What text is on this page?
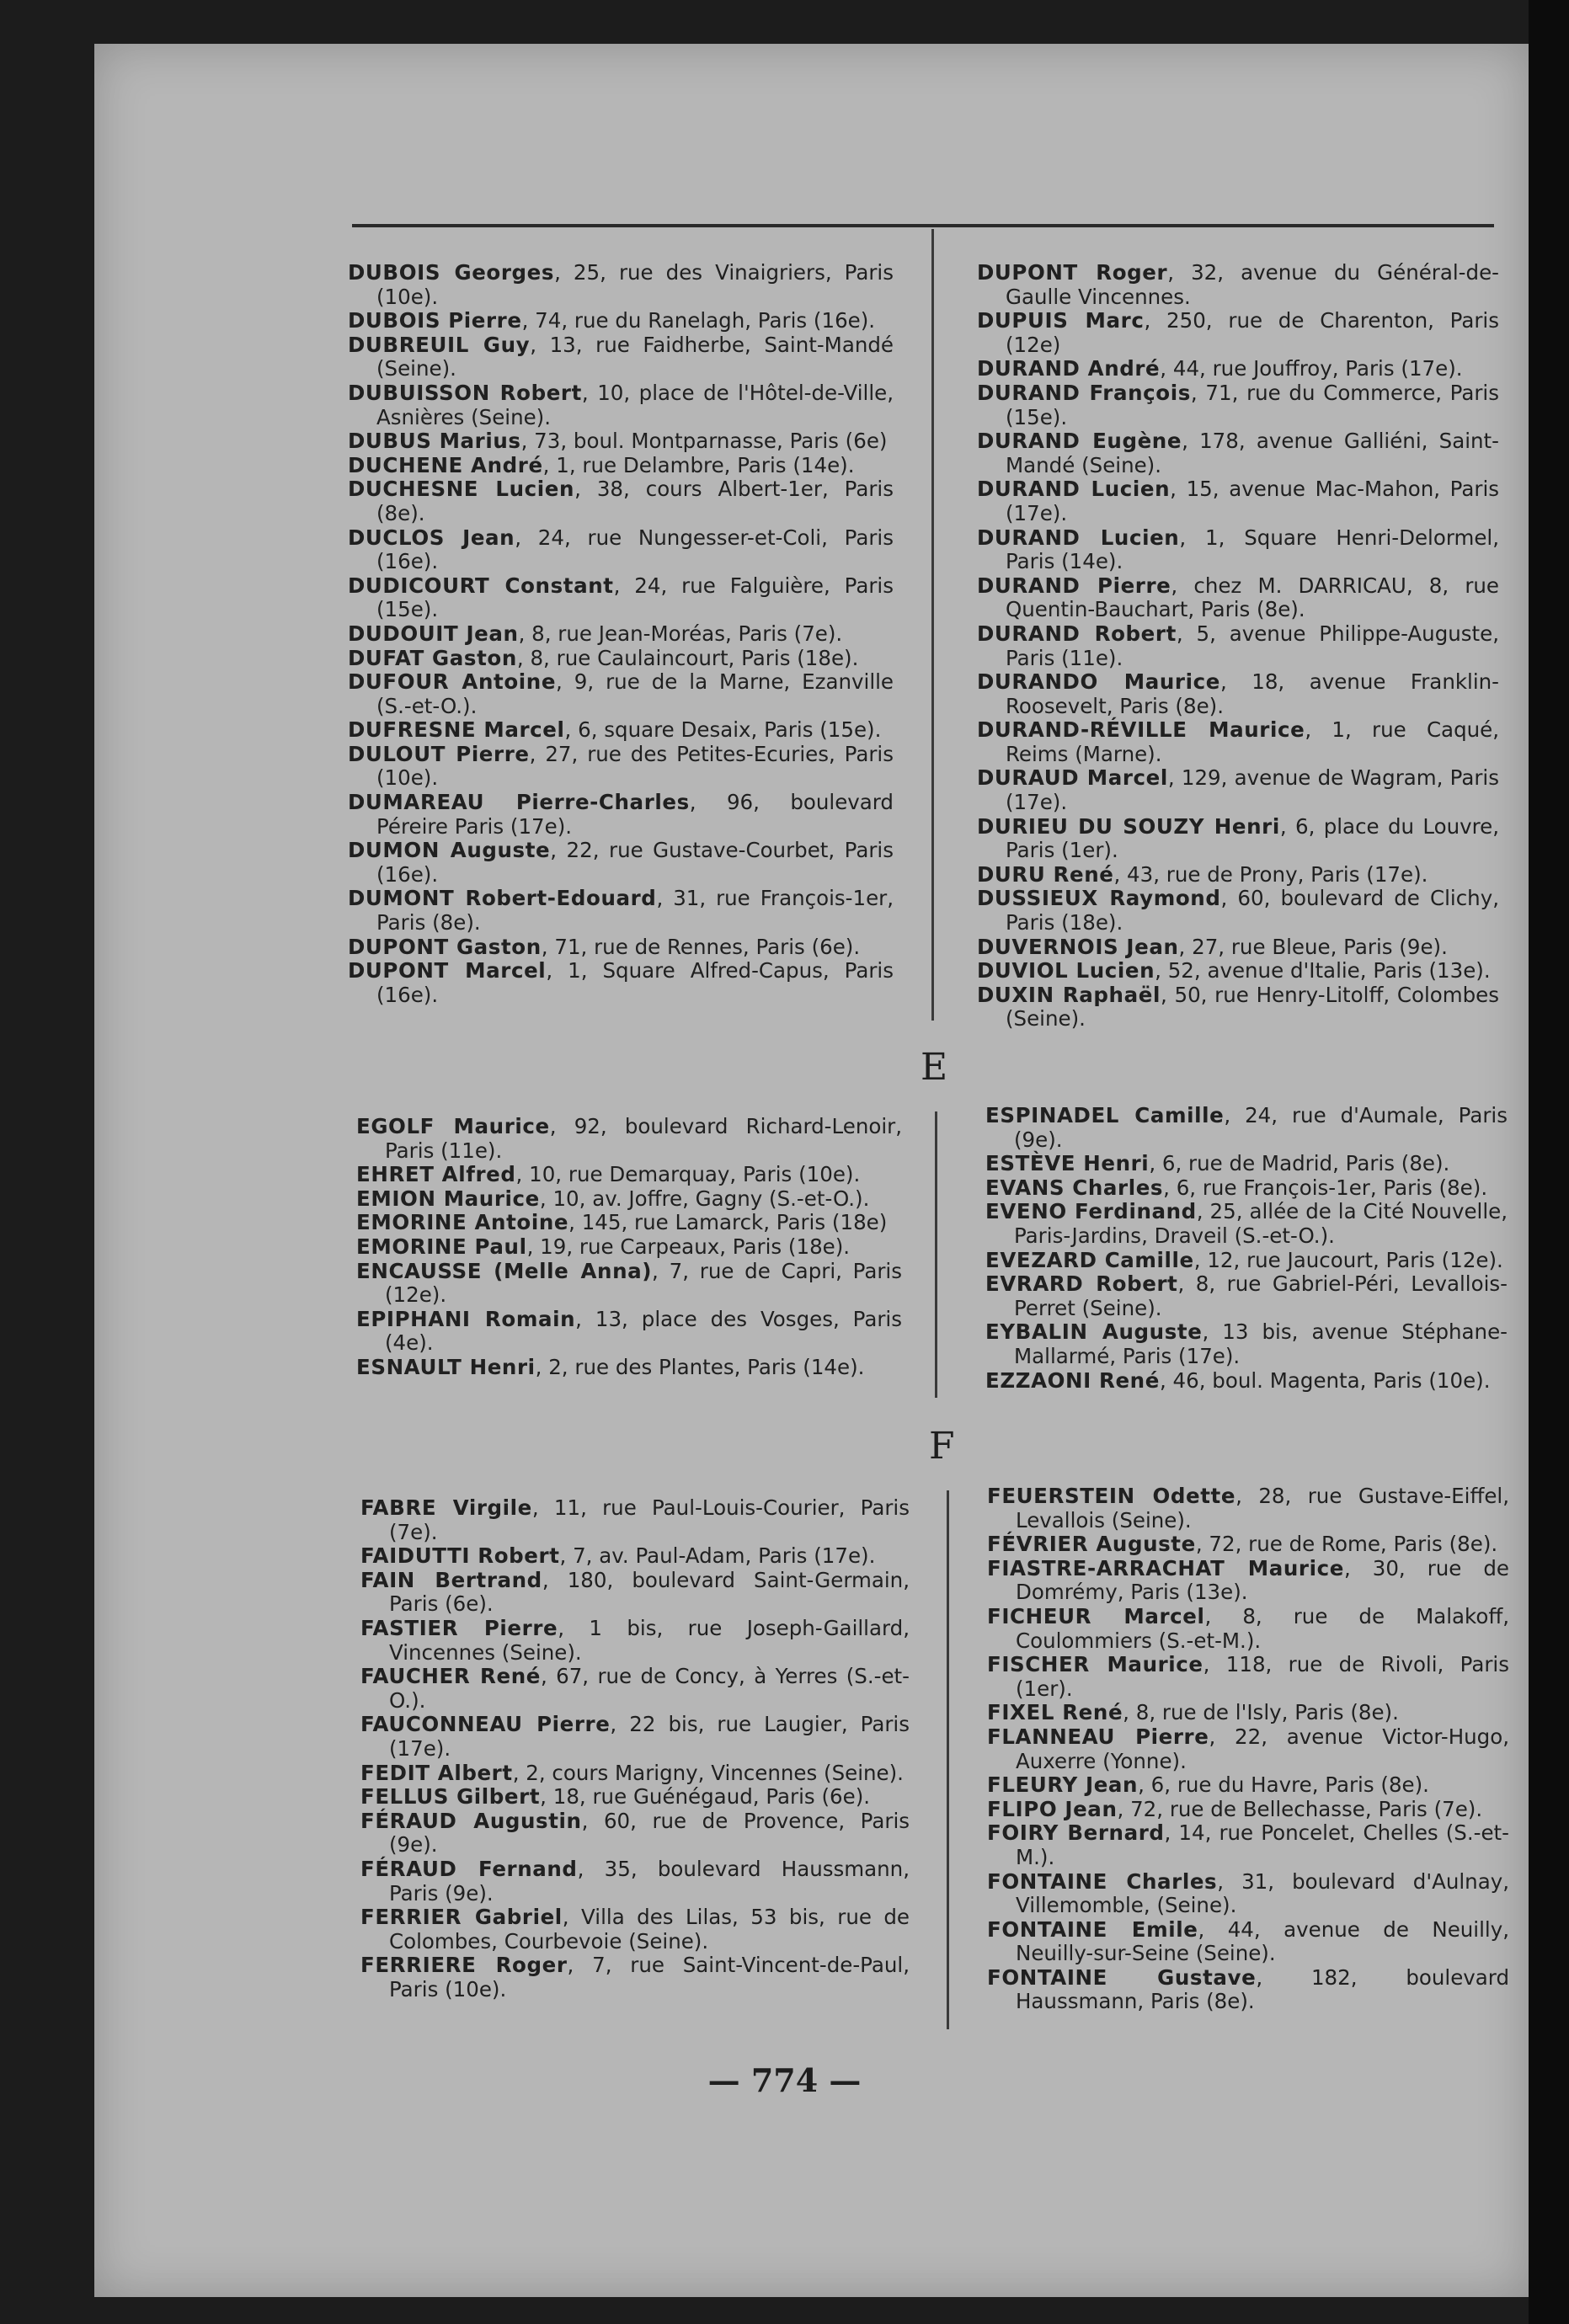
DUBOIS Georges, 25, rue des Vinaigriers, Paris (10e).
DUBOIS Pierre, 74, rue du Ranelagh, Paris (16e).
DUBREUIL Guy, 13, rue Faidherbe, Saint-Mandé (Seine).
DUBUISSON Robert, 10, place de l'Hôtel-de-Ville, Asnières (Seine).
DUBUS Marius, 73, boul. Montparnasse, Paris (6e)
DUCHENE André, 1, rue Delambre, Paris (14e).
DUCHESNE Lucien, 38, cours Albert-1er, Paris (8e).
DUCLOS Jean, 24, rue Nungesser-et-Coli, Paris (16e).
DUDICOURT Constant, 24, rue Falguière, Paris (15e).
DUDOUIT Jean, 8, rue Jean-Moréas, Paris (7e).
DUFAT Gaston, 8, rue Caulaincourt, Paris (18e).
DUFOUR Antoine, 9, rue de la Marne, Ezanville (S.-et-O.).
DUFRESNE Marcel, 6, square Desaix, Paris (15e).
DULOUT Pierre, 27, rue des Petites-Ecuries, Paris (10e).
DUMAREAU Pierre-Charles, 96, boulevard Péreire Paris (17e).
DUMON Auguste, 22, rue Gustave-Courbet, Paris (16e).
DUMONT Robert-Edouard, 31, rue François-1er, Paris (8e).
DUPONT Gaston, 71, rue de Rennes, Paris (6e).
DUPONT Marcel, 1, Square Alfred-Capus, Paris (16e).
DUPONT Roger, 32, avenue du Général-de-Gaulle Vincennes.
DUPUIS Marc, 250, rue de Charenton, Paris (12e)
DURAND André, 44, rue Jouffroy, Paris (17e).
DURAND François, 71, rue du Commerce, Paris (15e).
DURAND Eugène, 178, avenue Galliéni, Saint-Mandé (Seine).
DURAND Lucien, 15, avenue Mac-Mahon, Paris (17e).
DURAND Lucien, 1, Square Henri-Delormel, Paris (14e).
DURAND Pierre, chez M. DARRICAU, 8, rue Quentin-Bauchart, Paris (8e).
DURAND Robert, 5, avenue Philippe-Auguste, Paris (11e).
DURANDO Maurice, 18, avenue Franklin-Roosevelt, Paris (8e).
DURAND-RÉVILLE Maurice, 1, rue Caqué, Reims (Marne).
DURAUD Marcel, 129, avenue de Wagram, Paris (17e).
DURIEU DU SOUZY Henri, 6, place du Louvre, Paris (1er).
DURU René, 43, rue de Prony, Paris (17e).
DUSSIEUX Raymond, 60, boulevard de Clichy, Paris (18e).
DUVERNOIS Jean, 27, rue Bleue, Paris (9e).
DUVIOL Lucien, 52, avenue d'Italie, Paris (13e).
DUXIN Raphaël, 50, rue Henry-Litolff, Colombes (Seine).
E
EGOLF Maurice, 92, boulevard Richard-Lenoir, Paris (11e).
EHRET Alfred, 10, rue Demarquay, Paris (10e).
EMION Maurice, 10, av. Joffre, Gagny (S.-et-O.).
EMORINE Antoine, 145, rue Lamarck, Paris (18e)
EMORINE Paul, 19, rue Carpeaux, Paris (18e).
ENCAUSSE (Melle Anna), 7, rue de Capri, Paris (12e).
EPIPHANI Romain, 13, place des Vosges, Paris (4e).
ESNAULT Henri, 2, rue des Plantes, Paris (14e).
ESPINADEL Camille, 24, rue d'Aumale, Paris (9e).
ESTÈVE Henri, 6, rue de Madrid, Paris (8e).
EVANS Charles, 6, rue François-1er, Paris (8e).
EVENO Ferdinand, 25, allée de la Cité Nouvelle, Paris-Jardins, Draveil (S.-et-O.).
EVEZARD Camille, 12, rue Jaucourt, Paris (12e).
EVRARD Robert, 8, rue Gabriel-Péri, Levallois-Perret (Seine).
EYBALIN Auguste, 13 bis, avenue Stéphane-Mallarmé, Paris (17e).
EZZAONI René, 46, boul. Magenta, Paris (10e).
F
FABRE Virgile, 11, rue Paul-Louis-Courier, Paris (7e).
FAIDUTTI Robert, 7, av. Paul-Adam, Paris (17e).
FAIN Bertrand, 180, boulevard Saint-Germain, Paris (6e).
FASTIER Pierre, 1 bis, rue Joseph-Gaillard, Vincennes (Seine).
FAUCHER René, 67, rue de Concy, à Yerres (S.-et-O.).
FAUCONNEAU Pierre, 22 bis, rue Laugier, Paris (17e).
FEDIT Albert, 2, cours Marigny, Vincennes (Seine).
FELLUS Gilbert, 18, rue Guénégaud, Paris (6e).
FÉRAUD Augustin, 60, rue de Provence, Paris (9e).
FÉRAUD Fernand, 35, boulevard Haussmann, Paris (9e).
FERRIER Gabriel, Villa des Lilas, 53 bis, rue de Colombes, Courbevoie (Seine).
FERRIERE Roger, 7, rue Saint-Vincent-de-Paul, Paris (10e).
FEUERSTEIN Odette, 28, rue Gustave-Eiffel, Levallois (Seine).
FÉVRIER Auguste, 72, rue de Rome, Paris (8e).
FIASTRE-ARRACHAT Maurice, 30, rue de Domrémy, Paris (13e).
FICHEUR Marcel, 8, rue de Malakoff, Coulommiers (S.-et-M.).
FISCHER Maurice, 118, rue de Rivoli, Paris (1er).
FIXEL René, 8, rue de l'Isly, Paris (8e).
FLANNEAU Pierre, 22, avenue Victor-Hugo, Auxerre (Yonne).
FLEURY Jean, 6, rue du Havre, Paris (8e).
FLIPO Jean, 72, rue de Bellechasse, Paris (7e).
FOIRY Bernard, 14, rue Poncelet, Chelles (S.-et-M.).
FONTAINE Charles, 31, boulevard d'Aulnay, Villemomble, (Seine).
FONTAINE Emile, 44, avenue de Neuilly, Neuilly-sur-Seine (Seine).
FONTAINE Gustave, 182, boulevard Haussmann, Paris (8e).
— 774 —
